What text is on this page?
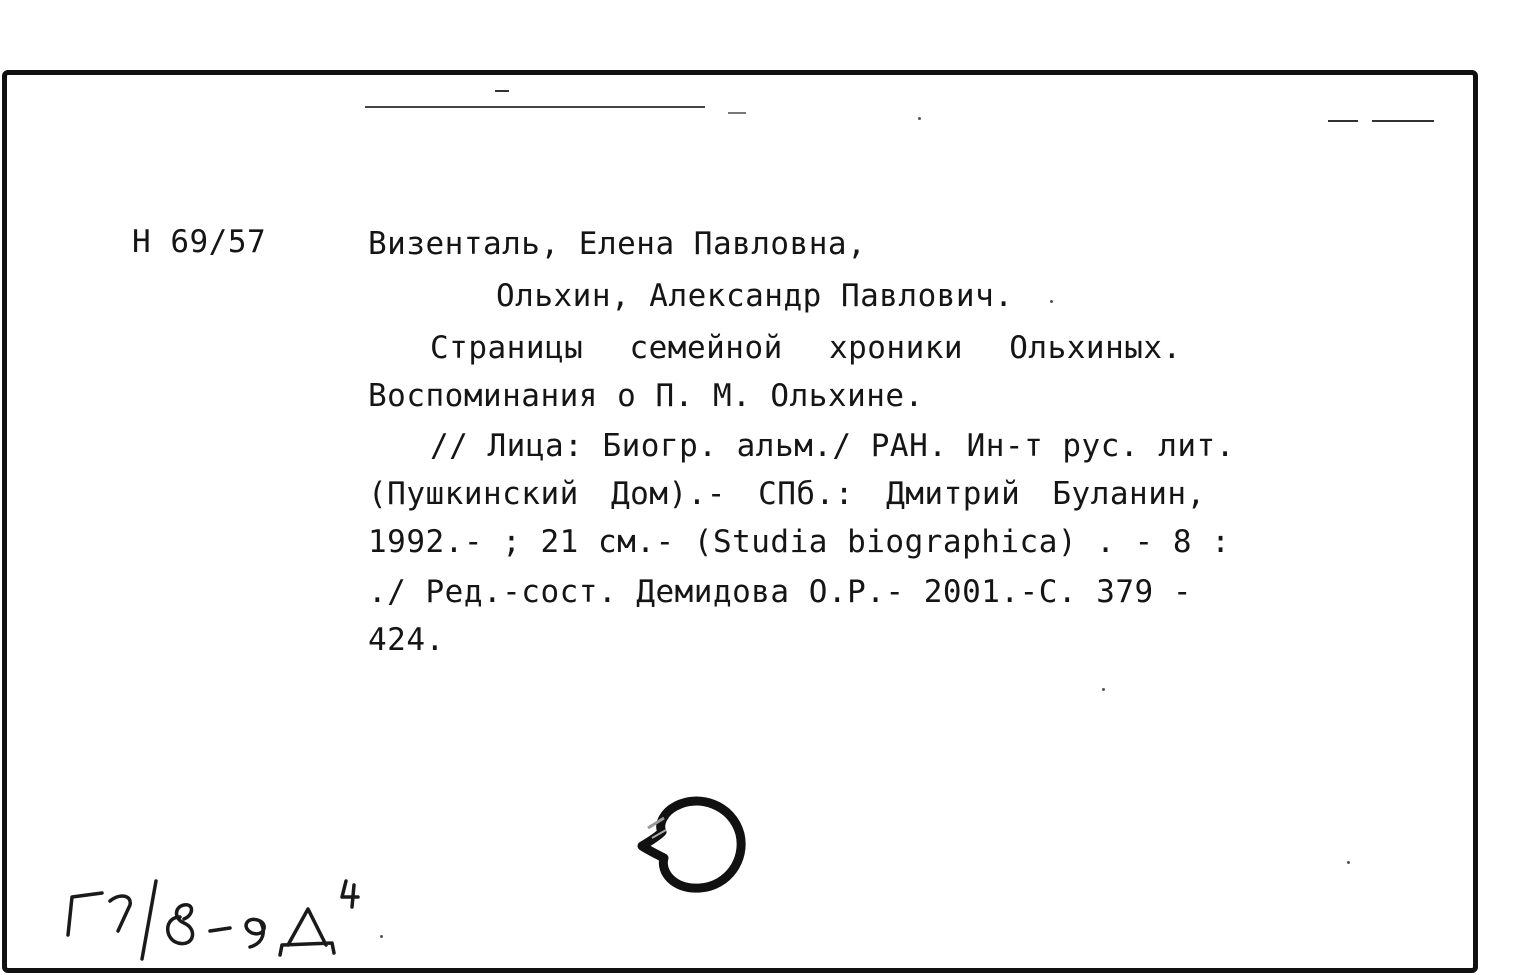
Н 69/57	Визенталь, Елена Павловна,
Ольхин, Александр Павлович.
Страницы семейной хроники Ольхиных.
Воспоминания о П. М. Ольхине.
// Лица: Биогр. альм./ РАН. Ин-т рус. лит.
(Пушкинский Дом).- СПб.: Дмитрий Буланин,
1992.- ; 21 см.- (Studia biographica) . - 8 :
./ Ред.-сост. Демидова О.Р.- 2001.-С. 379 -
424.
